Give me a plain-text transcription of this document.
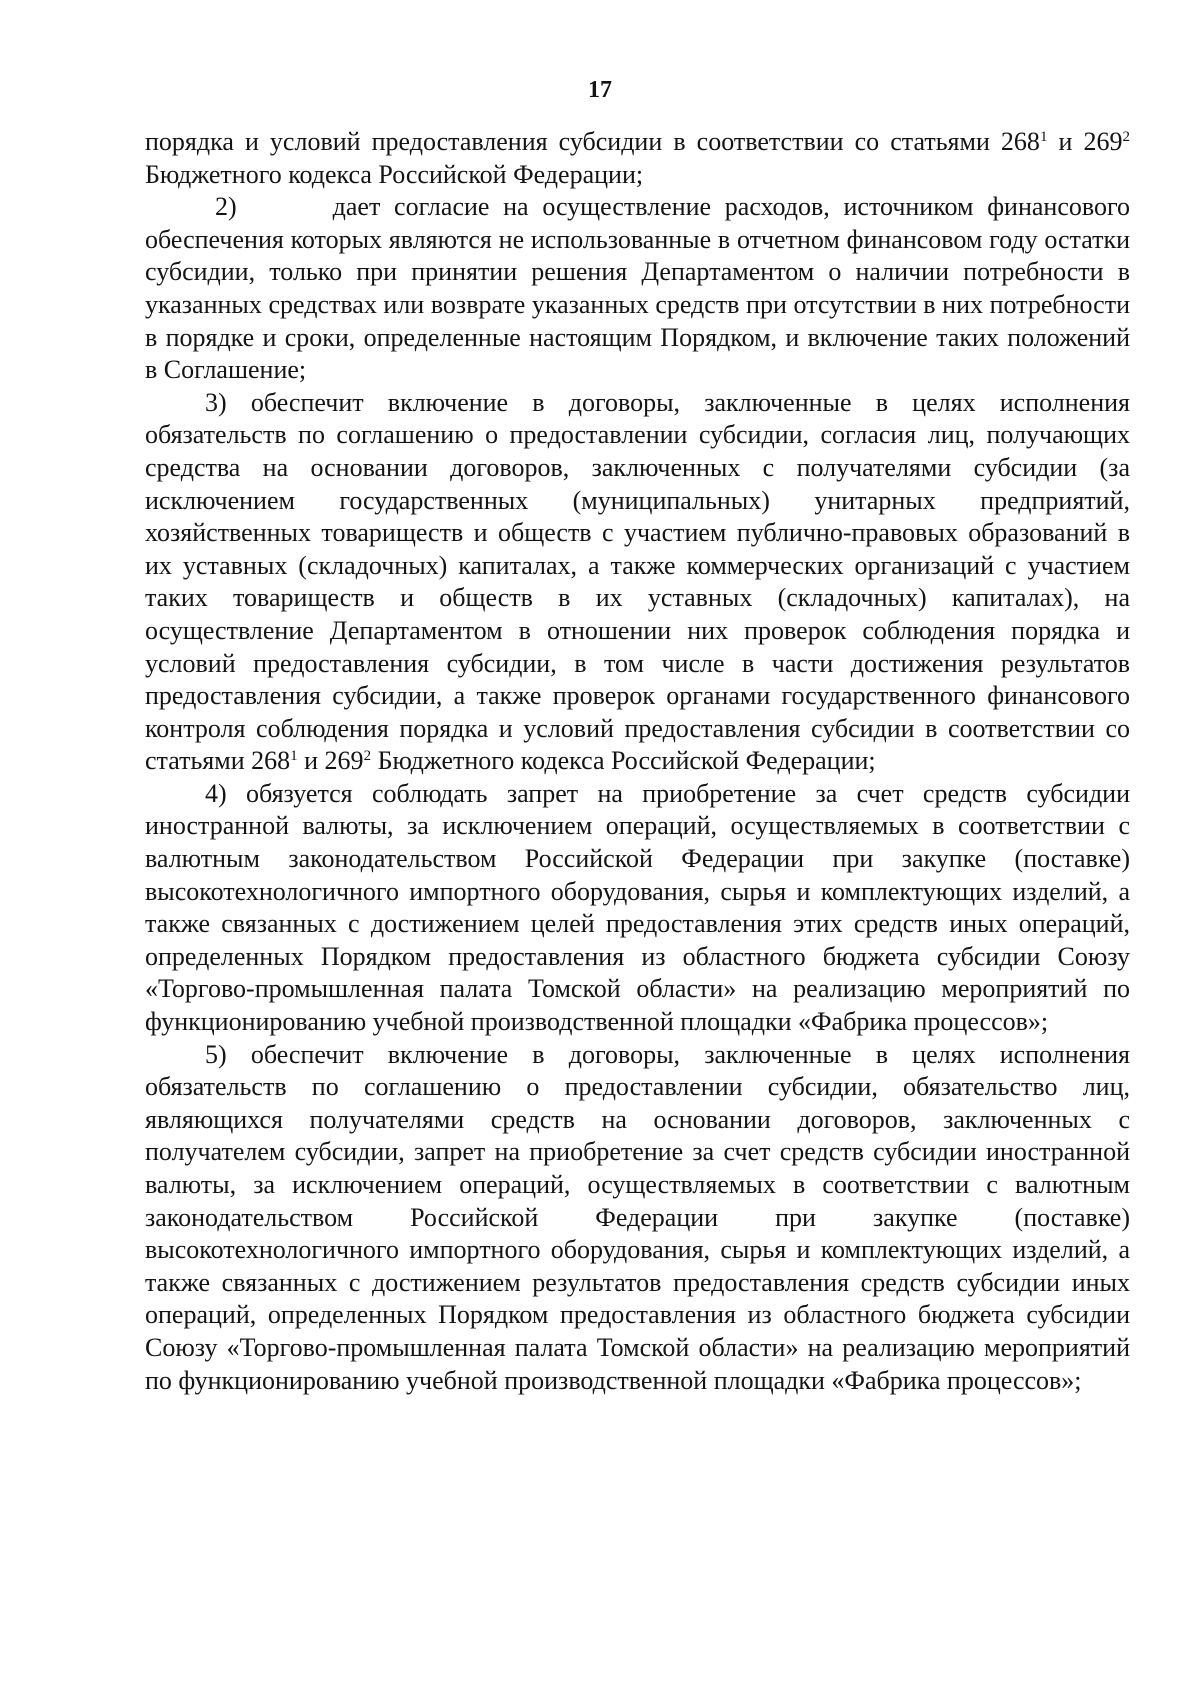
17

порядка и условий предоставления субсидии в соответствии со статьями $268^1$ и $269^2$ Бюджетного кодекса Российской Федерации;

2)       дает согласие на осуществление расходов, источником финансового обеспечения которых являются не использованные в отчетном финансовом году остатки субсидии, только при принятии решения Департаментом о наличии потребности в указанных средствах или возврате указанных средств при отсутствии в них потребности в порядке и сроки, определенные настоящим Порядком, и включение таких положений в Соглашение;

3) обеспечит включение в договоры, заключенные в целях исполнения обязательств по соглашению о предоставлении субсидии, согласия лиц, получающих средства на основании договоров, заключенных с получателями субсидии (за исключением государственных (муниципальных) унитарных предприятий, хозяйственных товариществ и обществ с участием публично-правовых образований в их уставных (складочных) капиталах, а также коммерческих организаций с участием таких товариществ и обществ в их уставных (складочных) капиталах), на осуществление Департаментом в отношении них проверок соблюдения порядка и условий предоставления субсидии, в том числе в части достижения результатов предоставления субсидии, а также проверок органами государственного финансового контроля соблюдения порядка и условий предоставления субсидии в соответствии со статьями $268^1$ и $269^2$ Бюджетного кодекса Российской Федерации;

4) обязуется соблюдать запрет на приобретение за счет средств субсидии иностранной валюты, за исключением операций, осуществляемых в соответствии с валютным законодательством Российской Федерации при закупке (поставке) высокотехнологичного импортного оборудования, сырья и комплектующих изделий, а также связанных с достижением целей предоставления этих средств иных операций, определенных Порядком предоставления из областного бюджета субсидии Союзу «Торгово-промышленная палата Томской области» на реализацию мероприятий по функционированию учебной производственной площадки «Фабрика процессов»;

5) обеспечит включение в договоры, заключенные в целях исполнения обязательств по соглашению о предоставлении субсидии, обязательство лиц, являющихся получателями средств на основании договоров, заключенных с получателем субсидии, запрет на приобретение за счет средств субсидии иностранной валюты, за исключением операций, осуществляемых в соответствии с валютным законодательством Российской Федерации при закупке (поставке) высокотехнологичного импортного оборудования, сырья и комплектующих изделий, а также связанных с достижением результатов предоставления средств субсидии иных операций, определенных Порядком предоставления из областного бюджета субсидии Союзу «Торгово-промышленная палата Томской области» на реализацию мероприятий по функционированию учебной производственной площадки «Фабрика процессов»;
